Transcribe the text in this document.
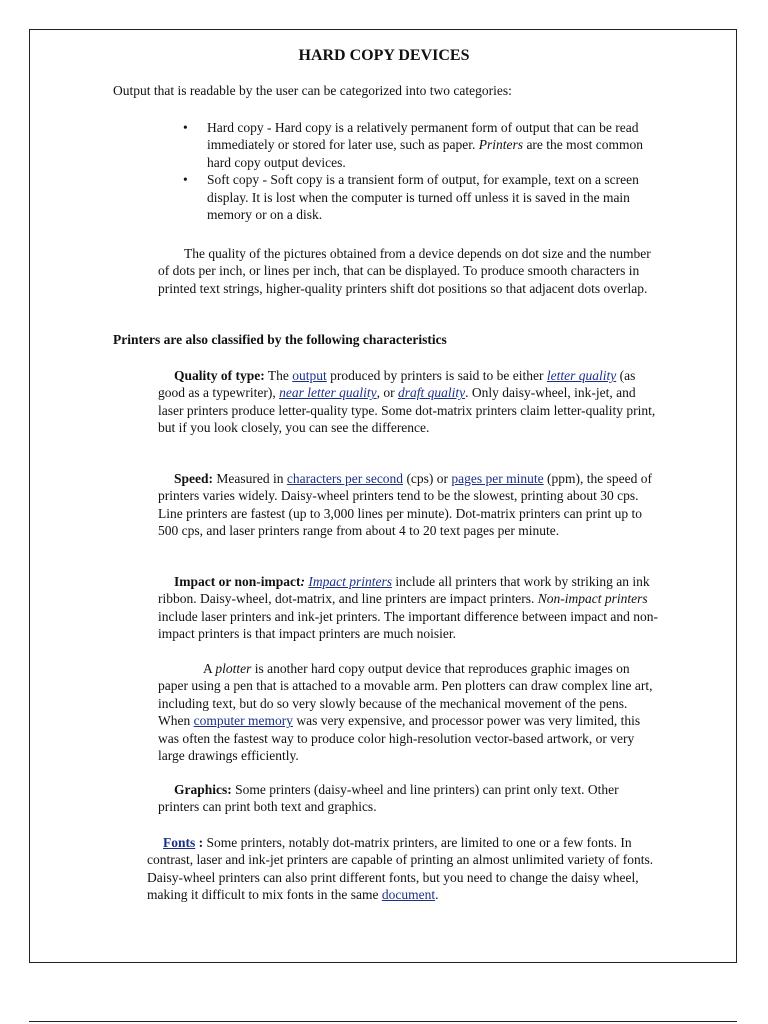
HARD COPY DEVICES

Output that is readable by the user can be categorized into two categories:

• Hard copy - Hard copy is a relatively permanent form of output that can be read immediately or stored for later use, such as paper. Printers are the most common hard copy output devices.
• Soft copy - Soft copy is a transient form of output, for example, text on a screen display. It is lost when the computer is turned off unless it is saved in the main memory or on a disk.

The quality of the pictures obtained from a device depends on dot size and the number of dots per inch, or lines per inch, that can be displayed. To produce smooth characters in printed text strings, higher-quality printers shift dot positions so that adjacent dots overlap.

Printers are also classified by the following characteristics

Quality of type: The output produced by printers is said to be either letter quality (as good as a typewriter), near letter quality, or draft quality. Only daisy-wheel, ink-jet, and laser printers produce letter-quality type. Some dot-matrix printers claim letter-quality print, but if you look closely, you can see the difference.

Speed: Measured in characters per second (cps) or pages per minute (ppm), the speed of printers varies widely. Daisy-wheel printers tend to be the slowest, printing about 30 cps. Line printers are fastest (up to 3,000 lines per minute). Dot-matrix printers can print up to 500 cps, and laser printers range from about 4 to 20 text pages per minute.

Impact or non-impact: Impact printers include all printers that work by striking an ink ribbon. Daisy-wheel, dot-matrix, and line printers are impact printers. Non-impact printers include laser printers and ink-jet printers. The important difference between impact and non-impact printers is that impact printers are much noisier.

A plotter is another hard copy output device that reproduces graphic images on paper using a pen that is attached to a movable arm. Pen plotters can draw complex line art, including text, but do so very slowly because of the mechanical movement of the pens. When computer memory was very expensive, and processor power was very limited, this was often the fastest way to produce color high-resolution vector-based artwork, or very large drawings efficiently.

Graphics: Some printers (daisy-wheel and line printers) can print only text. Other printers can print both text and graphics.

Fonts : Some printers, notably dot-matrix printers, are limited to one or a few fonts. In contrast, laser and ink-jet printers are capable of printing an almost unlimited variety of fonts. Daisy-wheel printers can also print different fonts, but you need to change the daisy wheel, making it difficult to mix fonts in the same document.
